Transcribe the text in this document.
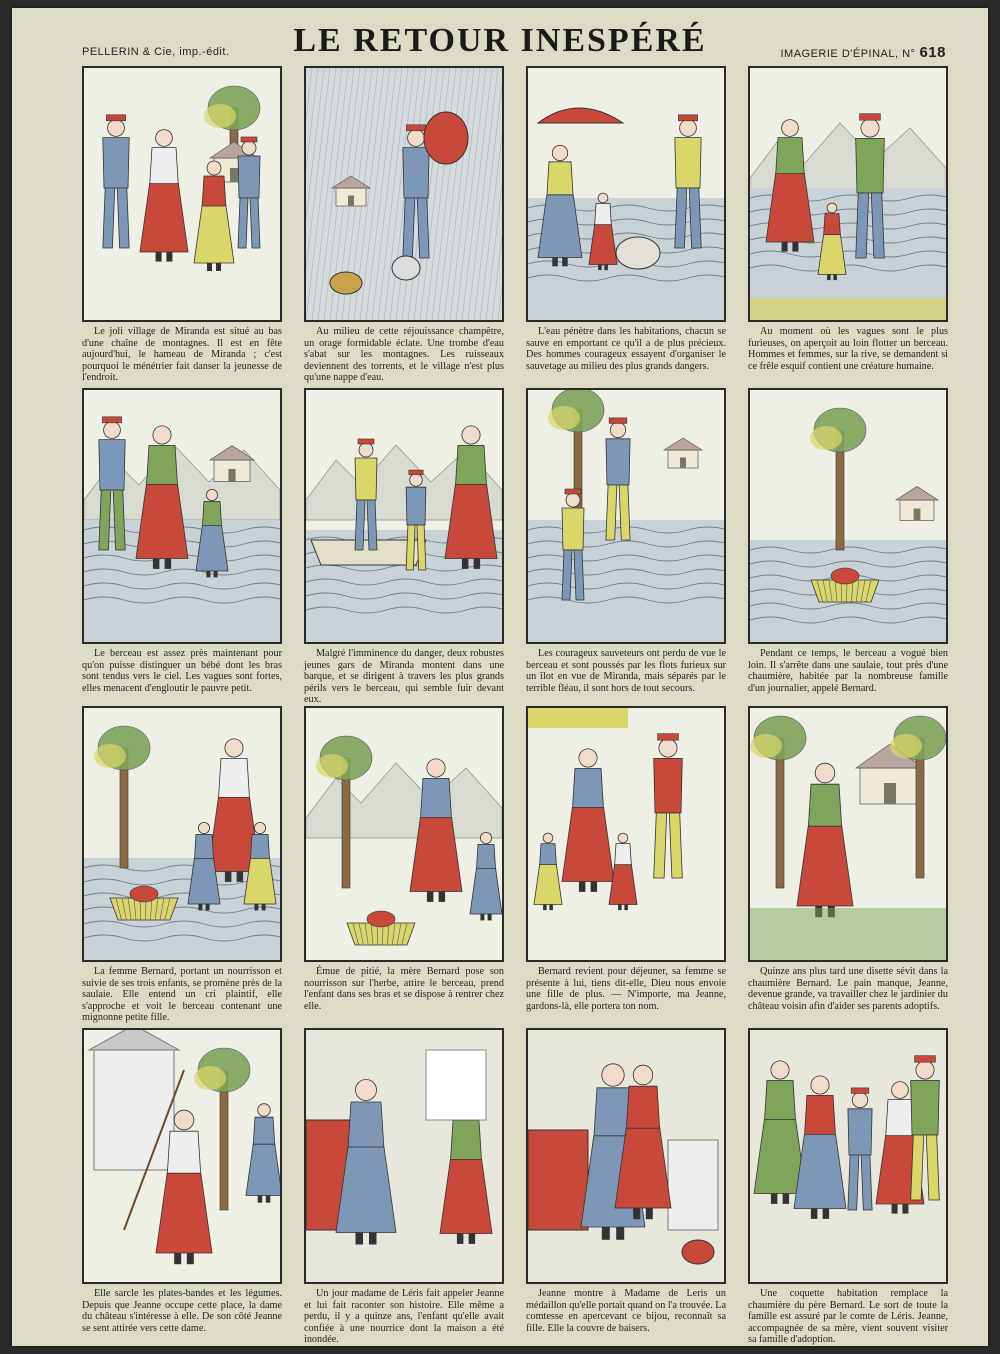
PELLERIN & Cie, imp.-édit.	LE RETOUR INESPÉRÉ	IMAGERIE D'ÉPINAL, N° 618
Le joli village de Miranda est situé au bas d'une chaîne de montagnes. Il est en fête aujourd'hui, le hameau de Miranda ; c'est pourquoi le ménétrier fait danser la jeunesse de l'endroit.
Au milieu de cette réjouissance champêtre, un orage formidable éclate. Une trombe d'eau s'abat sur les montagnes. Les ruisseaux deviennent des torrents, et le village n'est plus qu'une nappe d'eau.
L'eau pénètre dans les habitations, chacun se sauve en emportant ce qu'il a de plus précieux. Des hommes courageux essayent d'organiser le sauvetage au milieu des plus grands dangers.
Au moment où les vagues sont le plus furieuses, on aperçoit au loin flotter un berceau. Hommes et femmes, sur la rive, se demandent si ce frêle esquif contient une créature humaine.
Le berceau est assez près maintenant pour qu'on puisse distinguer un bébé dont les bras sont tendus vers le ciel. Les vagues sont fortes, elles menacent d'engloutir le pauvre petit.
Malgré l'imminence du danger, deux robustes jeunes gars de Miranda montent dans une barque, et se dirigent à travers les plus grands périls vers le berceau, qui semble fuir devant eux.
Les courageux sauveteurs ont perdu de vue le berceau et sont poussés par les flots furieux sur un îlot en vue de Miranda, mais séparés par le terrible fléau, il sont hors de tout secours.
Pendant ce temps, le berceau a vogué bien loin. Il s'arrête dans une saulaie, tout près d'une chaumière, habitée par la nombreuse famille d'un journalier, appelé Bernard.
La femme Bernard, portant un nourrisson et suivie de ses trois enfants, se promène près de la saulaie. Elle entend un cri plaintif, elle s'approche et voit le berceau contenant une mignonne petite fille.
Émue de pitié, la mère Bernard pose son nourrisson sur l'herbe, attire le berceau, prend l'enfant dans ses bras et se dispose à rentrer chez elle.
Bernard revient pour déjeuner, sa femme se présente à lui, tiens dit-elle, Dieu nous envoie une fille de plus. — N'importe, ma Jeanne, gardons-là, elle portera ton nom.
Quinze ans plus tard une disette sévit dans la chaumière Bernard. Le pain manque, Jeanne, devenue grande, va travailler chez le jardinier du château voisin afin d'aider ses parents adoptifs.
Elle sarcle les plates-bandes et les légumes. Depuis que Jeanne occupe cette place, la dame du château s'intéresse à elle. De son côté Jeanne se sent attirée vers cette dame.
Un jour madame de Léris fait appeler Jeanne et lui fait raconter son histoire. Elle même a perdu, il y a quinze ans, l'enfant qu'elle avait confiée à une nourrice dont la maison a été inondée.
Jeanne montre à Madame de Leris un médaillon qu'elle portait quand on l'a trouvée. La comtesse en apercevant ce bijou, reconnaît sa fille. Elle la couvre de baisers.
Une coquette habitation remplace la chaumière du père Bernard. Le sort de toute la famille est assuré par le comte de Léris. Jeanne, accompagnée de sa mère, vient souvent visiter sa famille d'adoption.
